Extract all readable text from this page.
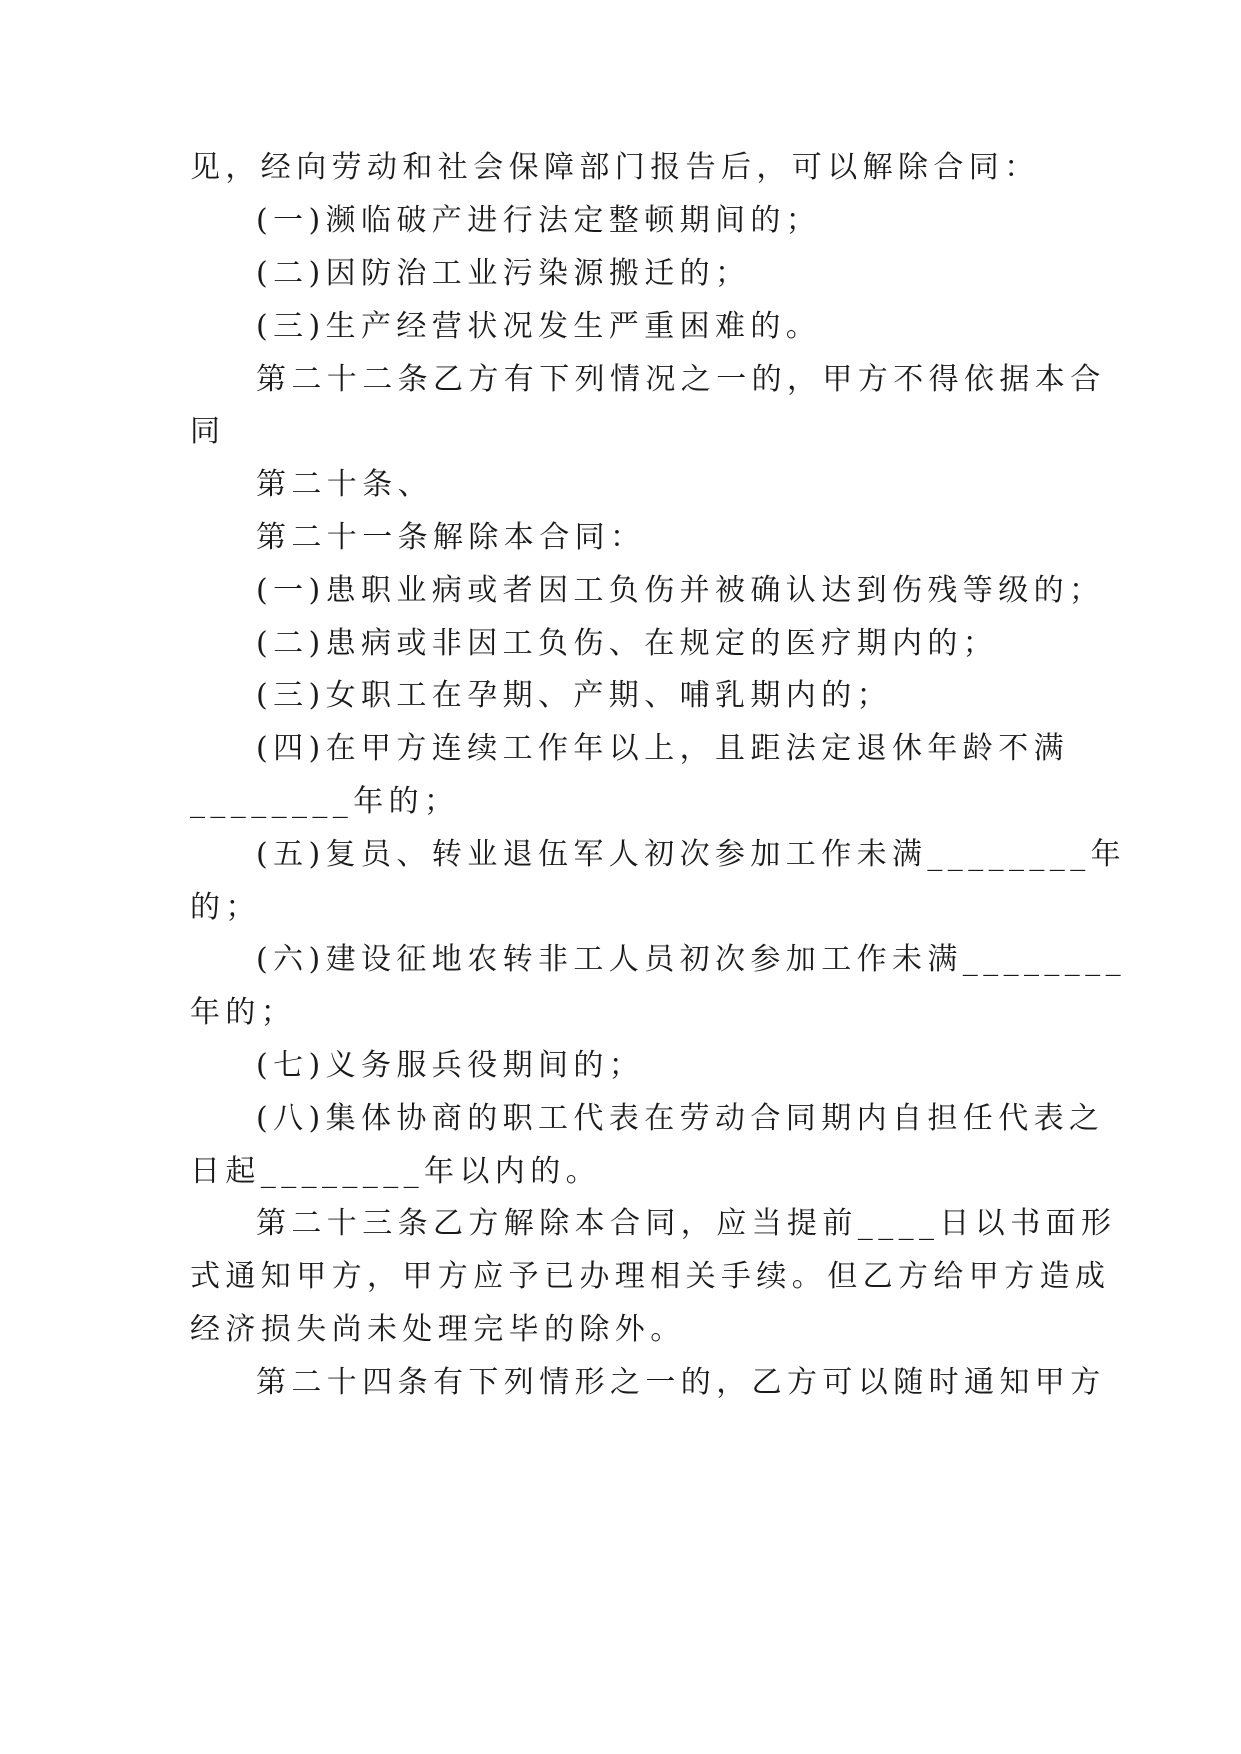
见，经向劳动和社会保障部门报告后，可以解除合同：
(一)濒临破产进行法定整顿期间的；
(二)因防治工业污染源搬迁的；
(三)生产经营状况发生严重困难的。
第二十二条乙方有下列情况之一的，甲方不得依据本合
同
第二十条、
第二十一条解除本合同：
(一)患职业病或者因工负伤并被确认达到伤残等级的；
(二)患病或非因工负伤、在规定的医疗期内的；
(三)女职工在孕期、产期、哺乳期内的；
(四)在甲方连续工作年以上，且距法定退休年龄不满
________年的；
(五)复员、转业退伍军人初次参加工作未满________年
的；
(六)建设征地农转非工人员初次参加工作未满________
年的；
(七)义务服兵役期间的；
(八)集体协商的职工代表在劳动合同期内自担任代表之
日起________年以内的。
第二十三条乙方解除本合同，应当提前____日以书面形
式通知甲方，甲方应予已办理相关手续。但乙方给甲方造成
经济损失尚未处理完毕的除外。
第二十四条有下列情形之一的，乙方可以随时通知甲方
